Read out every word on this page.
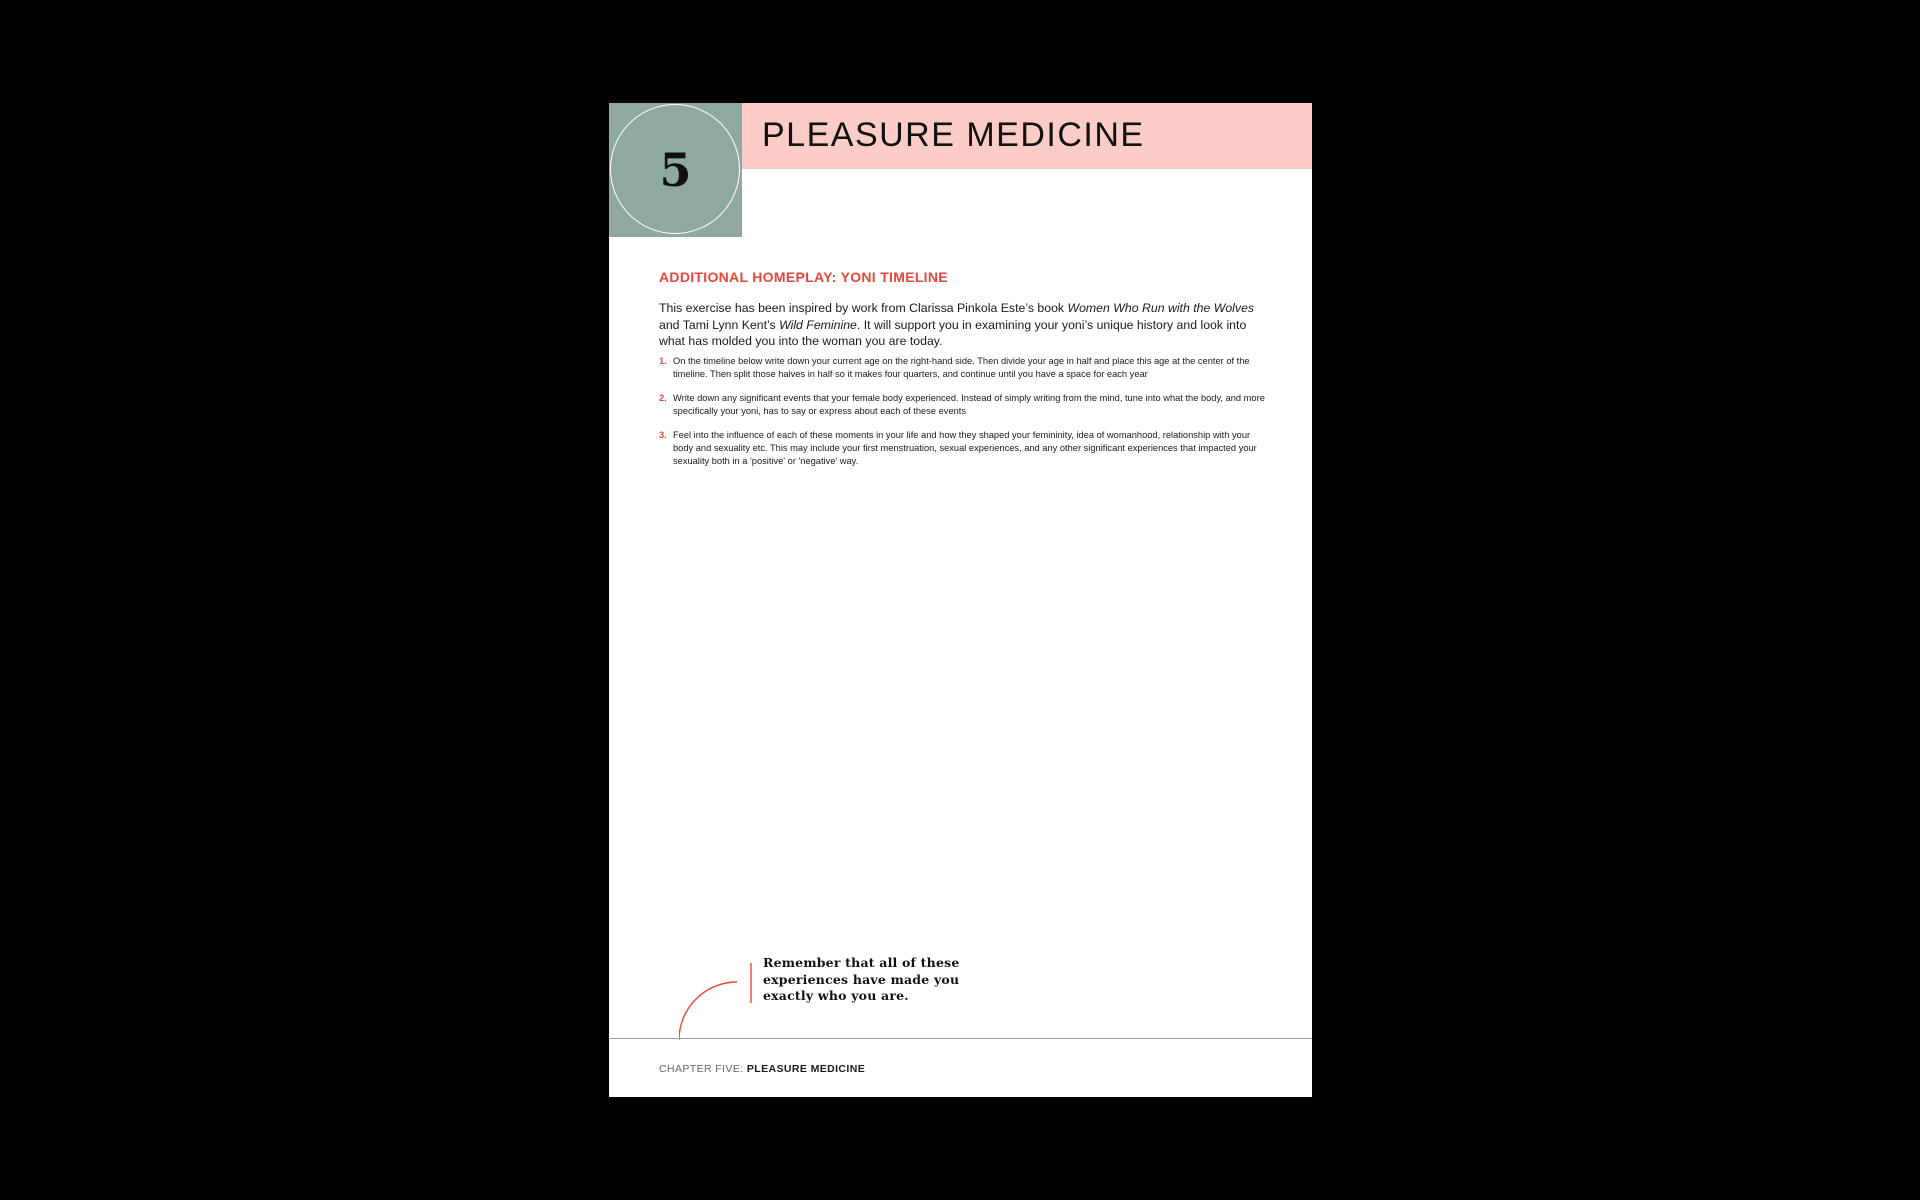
PLEASURE MEDICINE
5
ADDITIONAL HOMEPLAY: YONI TIMELINE

This exercise has been inspired by work from Clarissa Pinkola Este’s book Women Who Run with the Wolves and Tami Lynn Kent’s Wild Feminine. It will support you in examining your yoni’s unique history and look into what has molded you into the woman you are today.

1. On the timeline below write down your current age on the right-hand side. Then divide your age in half and place this age at the center of the timeline. Then split those halves in half so it makes four quarters, and continue until you have a space for each year
2. Write down any significant events that your female body experienced. Instead of simply writing from the mind, tune into what the body, and more specifically your yoni, has to say or express about each of these events
3. Feel into the influence of each of these moments in your life and how they shaped your femininity, idea of womanhood, relationship with your body and sexuality etc. This may include your first menstruation, sexual experiences, and any other significant experiences that impacted your sexuality both in a 'positive' or 'negative' way.

Remember that all of these experiences have made you exactly who you are.

CHAPTER FIVE: PLEASURE MEDICINE
